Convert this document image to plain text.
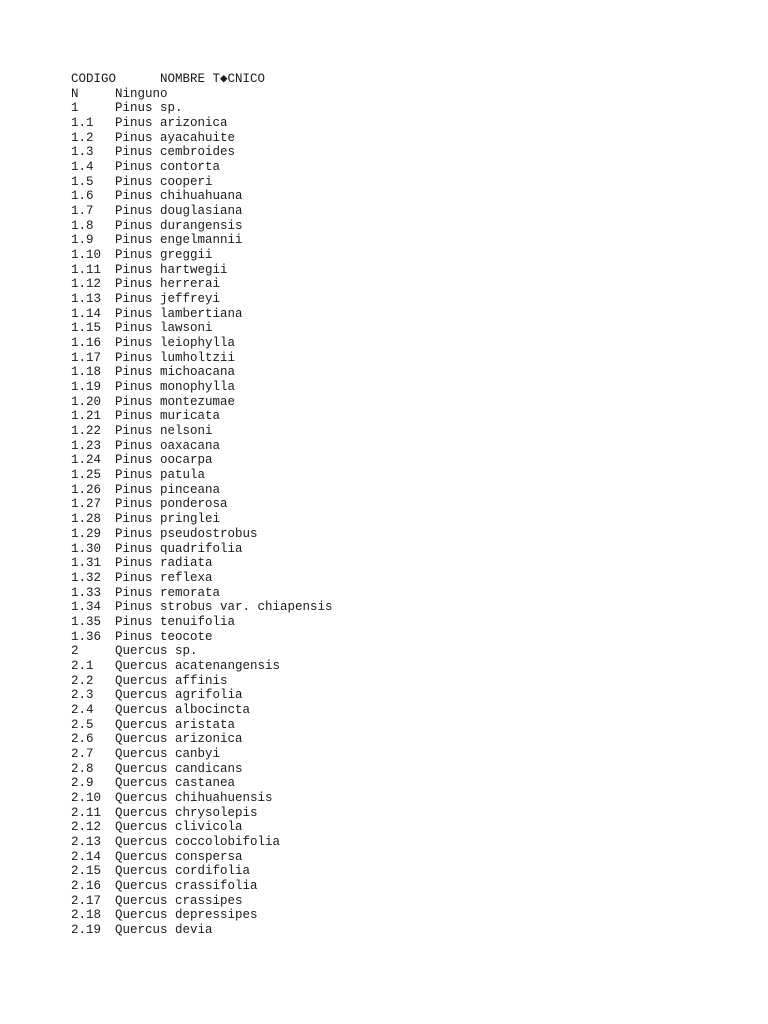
CODIGO	NOMBRE T◆CNICO
N	Ninguno
1	Pinus sp.
1.1 Pinus arizonica
1.2 Pinus ayacahuite
1.3 Pinus cembroides
1.4 Pinus contorta
1.5 Pinus cooperi
1.6 Pinus chihuahuana
1.7 Pinus douglasiana
1.8 Pinus durangensis
1.9 Pinus engelmannii
1.10 Pinus greggii
1.11 Pinus hartwegii
1.12 Pinus herrerai
1.13 Pinus jeffreyi
1.14 Pinus lambertiana
1.15 Pinus lawsoni
1.16 Pinus leiophylla
1.17 Pinus lumholtzii
1.18 Pinus michoacana
1.19 Pinus monophylla
1.20 Pinus montezumae
1.21 Pinus muricata
1.22 Pinus nelsoni
1.23 Pinus oaxacana
1.24 Pinus oocarpa
1.25 Pinus patula
1.26 Pinus pinceana
1.27 Pinus ponderosa
1.28 Pinus pringlei
1.29 Pinus pseudostrobus
1.30 Pinus quadrifolia
1.31 Pinus radiata
1.32 Pinus reflexa
1.33 Pinus remorata
1.34 Pinus strobus var. chiapensis
1.35 Pinus tenuifolia
1.36 Pinus teocote
2	Quercus sp.
2.1 Quercus acatenangensis
2.2 Quercus affinis
2.3 Quercus agrifolia
2.4 Quercus albocincta
2.5 Quercus aristata
2.6 Quercus arizonica
2.7 Quercus canbyi
2.8 Quercus candicans
2.9 Quercus castanea
2.10 Quercus chihuahuensis
2.11 Quercus chrysolepis
2.12 Quercus clivicola
2.13 Quercus coccolobifolia
2.14 Quercus conspersa
2.15 Quercus cordifolia
2.16 Quercus crassifolia
2.17 Quercus crassipes
2.18 Quercus depressipes
2.19 Quercus devia
